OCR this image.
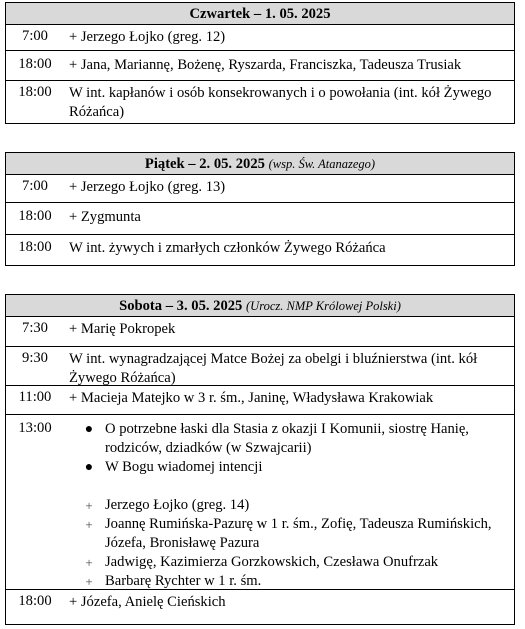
Czwartek – 1. 05. 2025
7:00	+ Jerzego Łojko (greg. 12)
18:00	+ Jana, Mariannę, Bożenę, Ryszarda, Franciszka, Tadeusza Trusiak
18:00	W int. kapłanów i osób konsekrowanych i o powołania (int. kół Żywego Różańca)
Piątek – 2. 05. 2025 (wsp. Św. Atanazego)
7:00	+ Jerzego Łojko (greg. 13)
18:00	+ Zygmunta
18:00	W int. żywych i zmarłych członków Żywego Różańca
Sobota – 3. 05. 2025 (Urocz. NMP Królowej Polski)
7:30	+ Marię Pokropek
9:30	W int. wynagradzającej Matce Bożej za obelgi i bluźnierstwa (int. kół Żywego Różańca)
11:00	+ Macieja Matejko w 3 r. śm., Janinę, Władysława Krakowiak
13:00	● O potrzebne łaski dla Stasia z okazji I Komunii, siostrę Hanię, rodziców, dziadków (w Szwajcarii)
● W Bogu wiadomej intencji
+ Jerzego Łojko (greg. 14)
+ Joannę Rumińska-Pazurę w 1 r. śm., Zofię, Tadeusza Rumińskich, Józefa, Bronisławę Pazura
+ Jadwigę, Kazimierza Gorzkowskich, Czesława Onufrzak
+ Barbarę Rychter w 1 r. śm.
18:00	+ Józefa, Anielę Cieńskich
